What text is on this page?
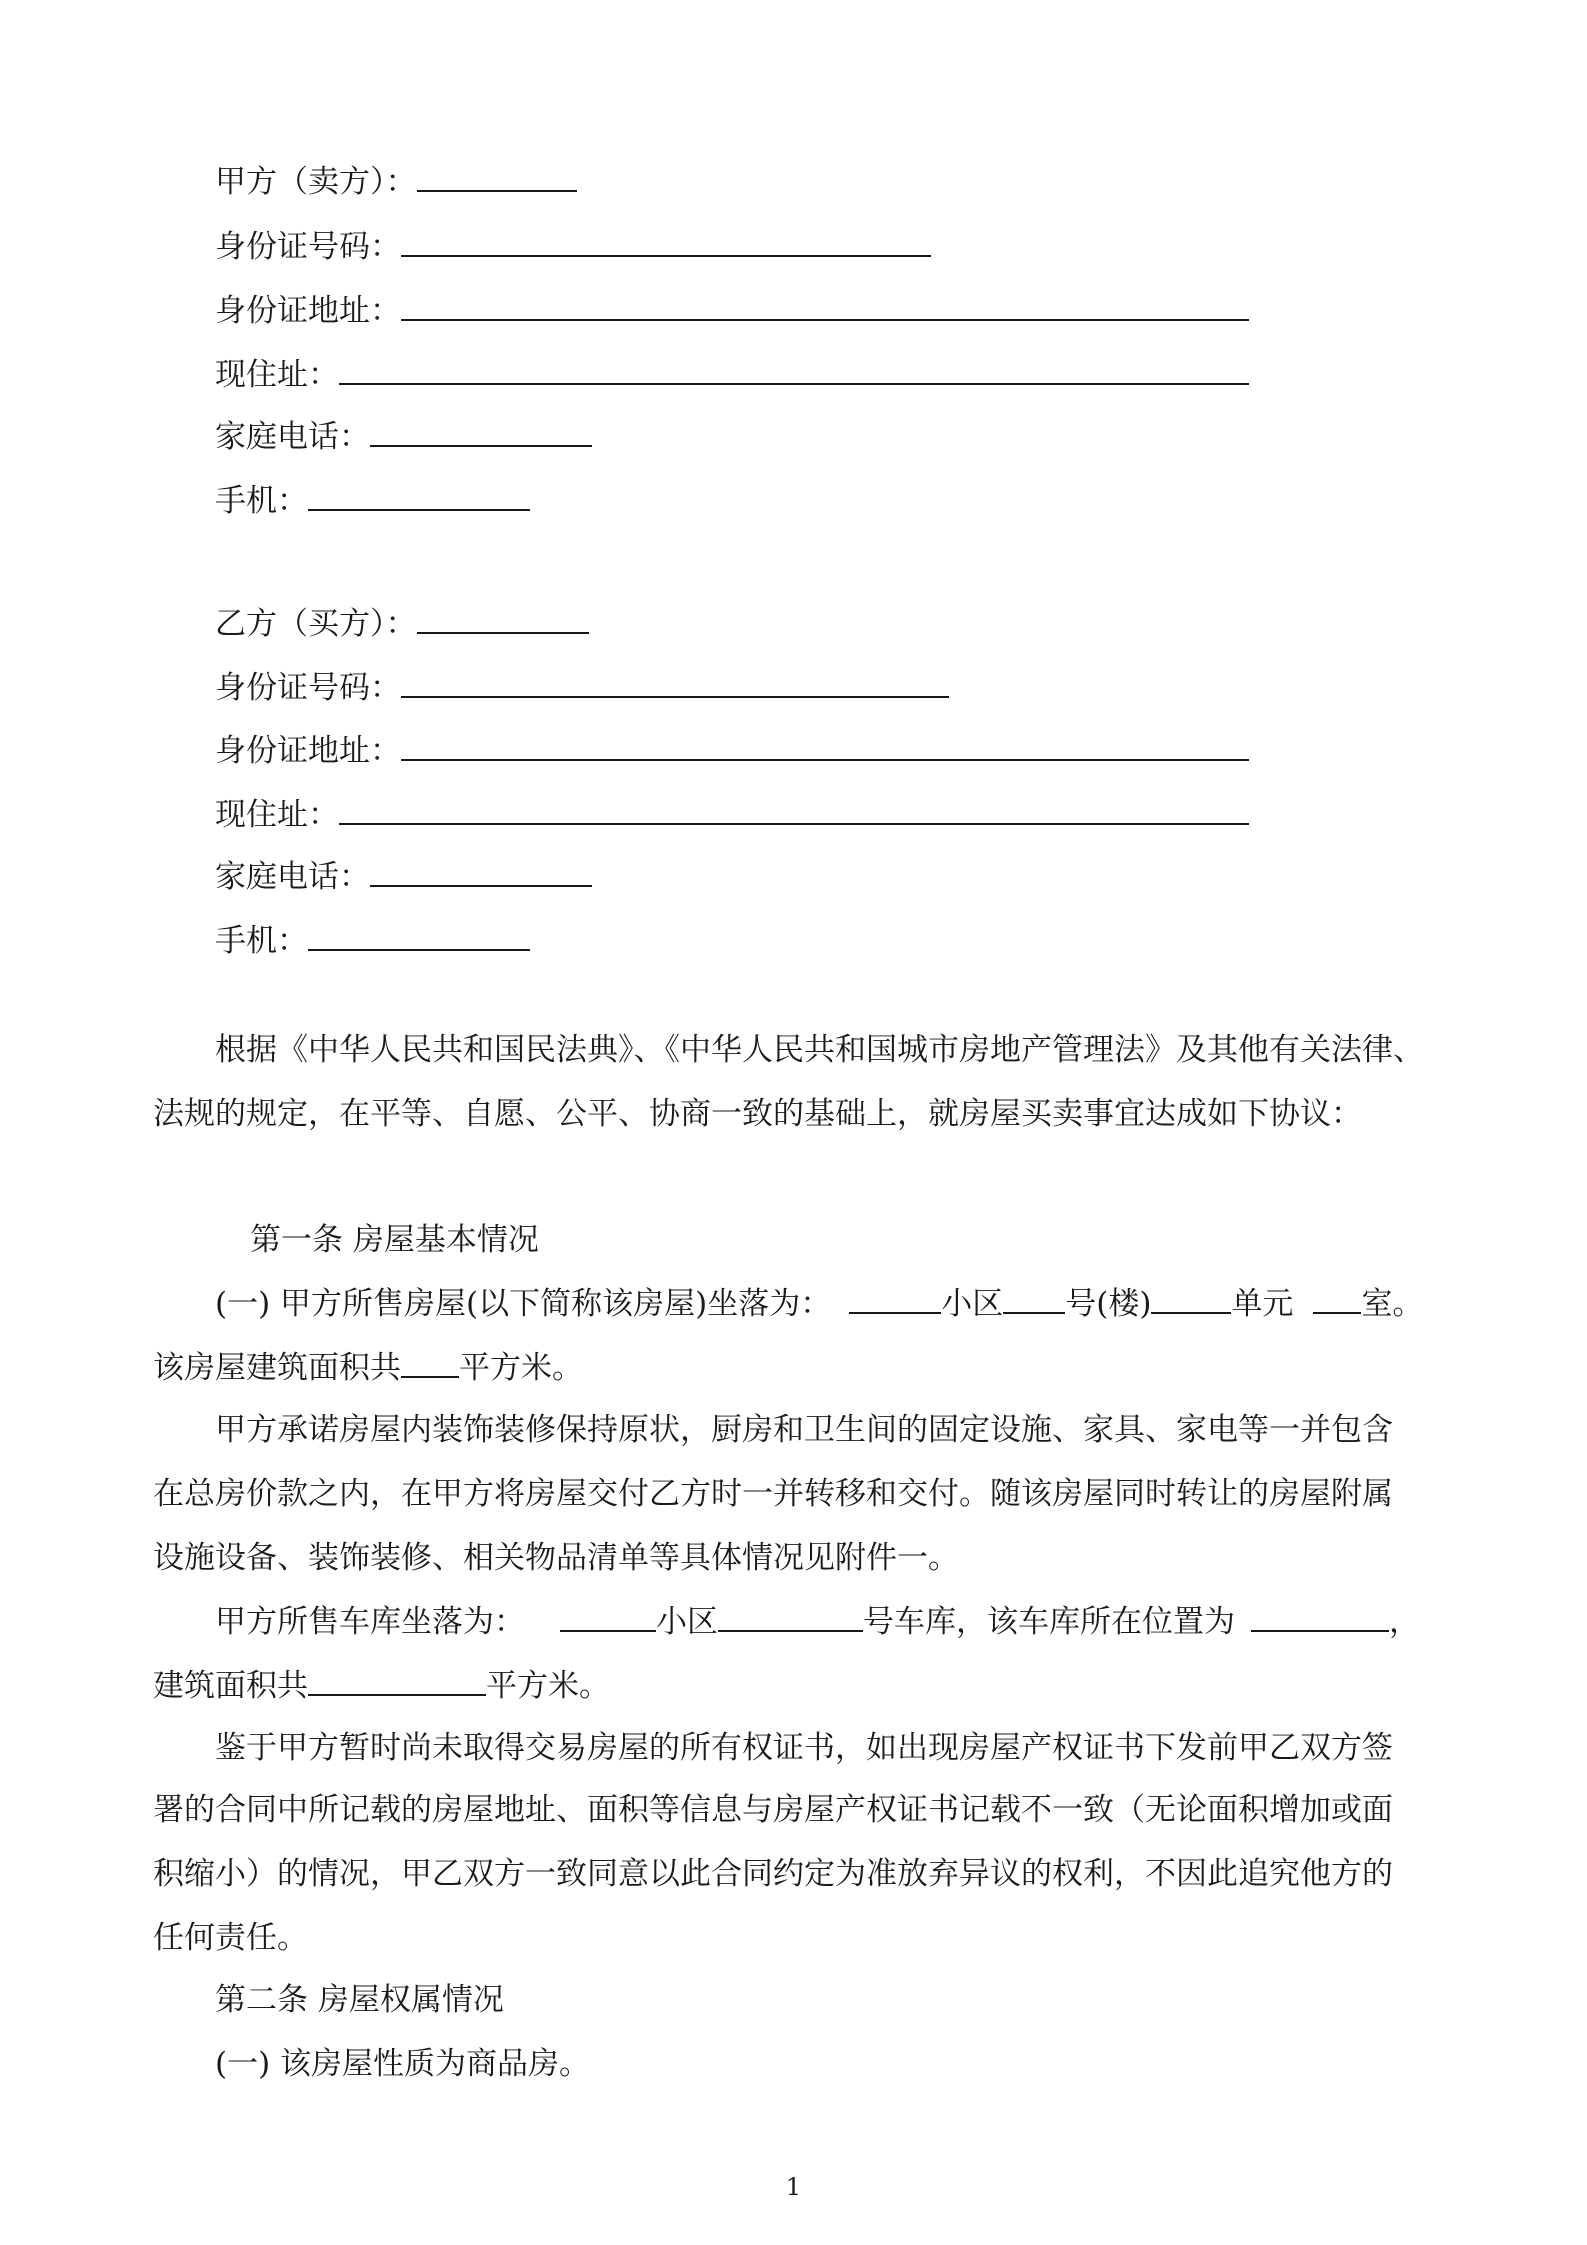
甲方（卖方）：
身份证号码：
身份证地址：
现住址：
家庭电话：
手机：
乙方（买方）：
身份证号码：
身份证地址：
现住址：
家庭电话：
手机：
根据《中华人民共和国民法典》、《中华人民共和国城市房地产管理法》及其他有关法律、
法规的规定，在平等、自愿、公平、协商一致的基础上，就房屋买卖事宜达成如下协议：
第一条 房屋基本情况
(一) 甲方所售房屋(以下简称该房屋)坐落为：	小区 号(楼)	单元 室。
该房屋建筑面积共 平方米。
甲方承诺房屋内装饰装修保持原状，厨房和卫生间的固定设施、家具、家电等一并包含
在总房价款之内，在甲方将房屋交付乙方时一并转移和交付。随该房屋同时转让的房屋附属
设施设备、装饰装修、相关物品清单等具体情况见附件一。
甲方所售车库坐落为：	小区	号车库，该车库所在位置为	，
建筑面积共	平方米。
鉴于甲方暂时尚未取得交易房屋的所有权证书，如出现房屋产权证书下发前甲乙双方签
署的合同中所记载的房屋地址、面积等信息与房屋产权证书记载不一致（无论面积增加或面
积缩小）的情况，甲乙双方一致同意以此合同约定为准放弃异议的权利，不因此追究他方的
任何责任。
第二条 房屋权属情况
(一) 该房屋性质为商品房。
1
